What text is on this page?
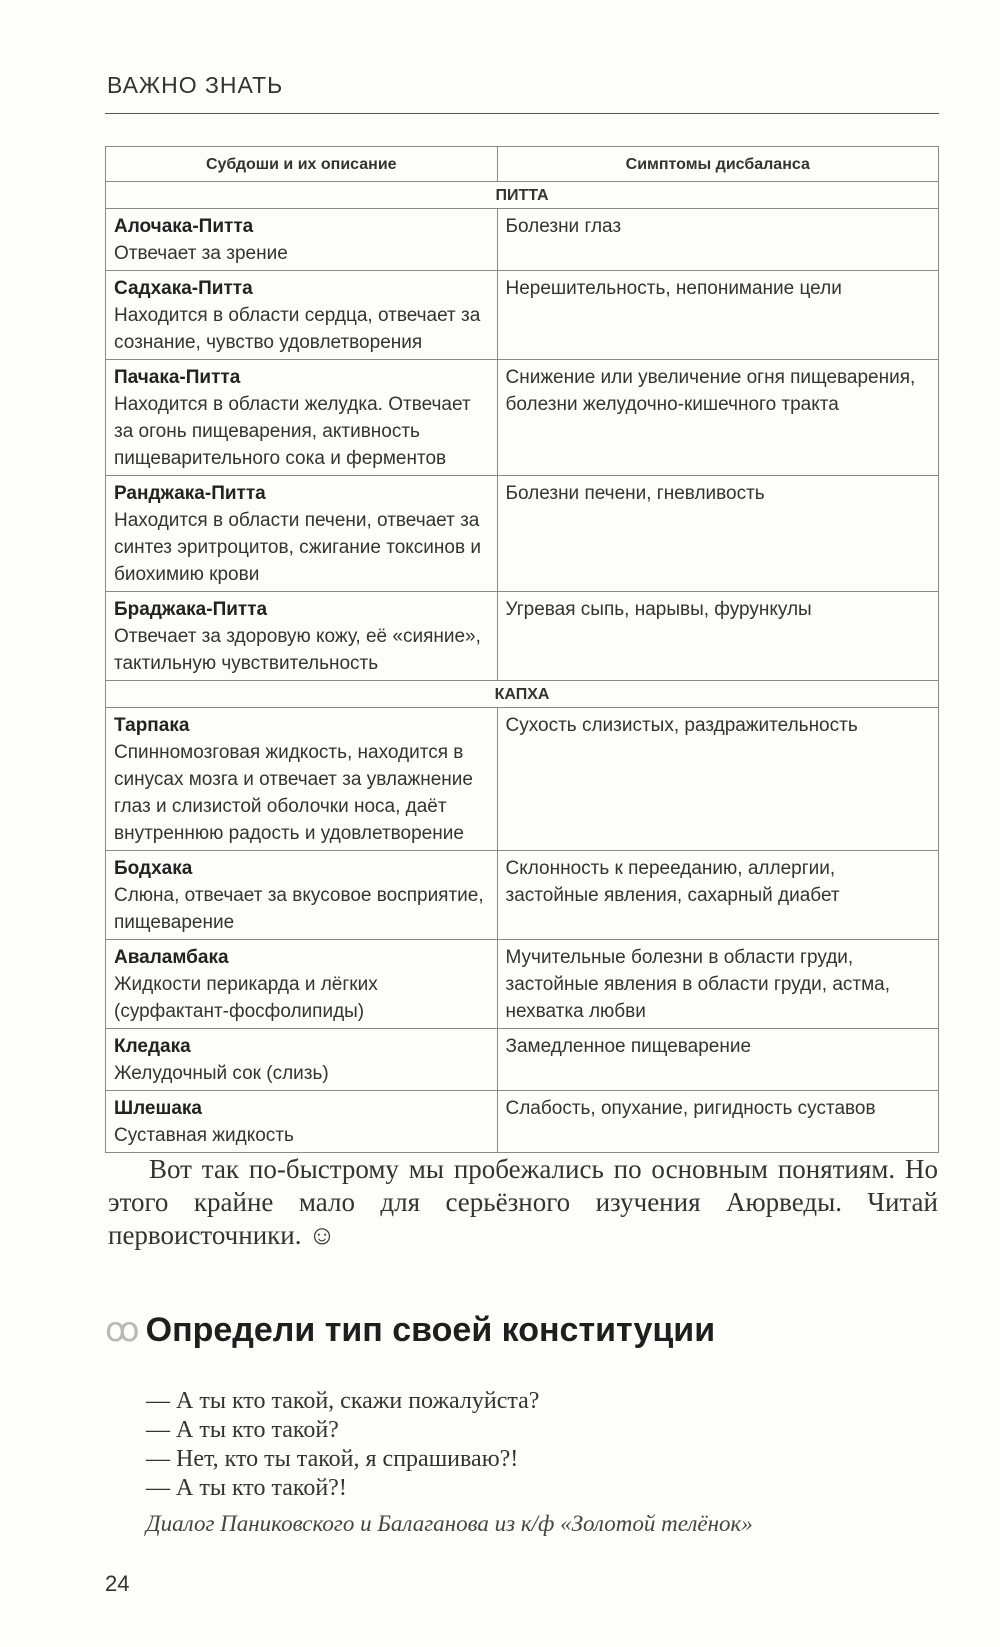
ВАЖНО ЗНАТЬ
Субдоши и их описание	Симптомы дисбаланса
ПИТТА	

Алочака-Питта
Отвечает за зрение	Болезни глаз

Садхака-Питта
Находится в области сердца, отвечает за сознание, чувство удовлетворения	Нерешительность, непонимание цели

Пачака-Питта
Находится в области желудка. Отвечает за огонь пищеварения, активность пищеварительного сока и ферментов	Снижение или увеличение огня пищеварения, болезни желудочно-кишечного тракта

Ранджака-Питта
Находится в области печени, отвечает за синтез эритроцитов, сжигание токсинов и биохимию крови	Болезни печени, гневливость

Браджака-Питта
Отвечает за здоровую кожу, её «сияние», тактильную чувствительность	Угревая сыпь, нарывы, фурункулы
КАПХА	

Тарпака
Спинномозговая жидкость, находится в синусах мозга и отвечает за увлажнение глаз и слизистой оболочки носа, даёт внутреннюю радость и удовлетворение	Сухость слизистых, раздражительность

Бодхака
Слюна, отвечает за вкусовое восприятие, пищеварение	Склонность к перееданию, аллергии, застойные явления, сахарный диабет

Аваламбака
Жидкости перикарда и лёгких (сурфактант-фосфолипиды)	Мучительные болезни в области груди, застойные явления в области груди, астма, нехватка любви

Кледака
Желудочный сок (слизь)	Замедленное пищеварение

Шлешака
Суставная жидкость	Слабость, опухание, ригидность суставов

Вот так по-быстрому мы пробежались по основным понятиям. Но этого крайне мало для серьёзного изучения Аюрведы. Читай первоисточники. ☺

ꝏ Определи тип своей конституции
— А ты кто такой, скажи пожалуйста?
— А ты кто такой?
— Нет, кто ты такой, я спрашиваю?!
— А ты кто такой?!

Диалог Паниковского и Балаганова из к/ф «Золотой телёнок»

24
